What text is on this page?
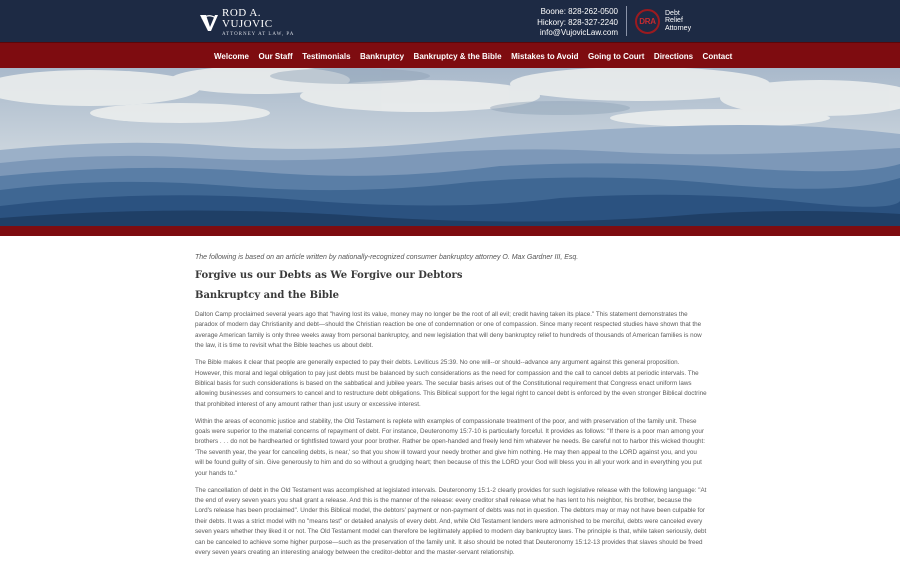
ROD A.
VUJOVIC
ATTORNEY AT LAW, PA
Boone: 828-262-0500
Hickory: 828-327-2240
info@VujovicLaw.com
DRA
Debt
Relief
Attorney
Welcome Our Staff Testimonials Bankruptcy Bankruptcy & the Bible Mistakes to Avoid Going to Court Directions Contact
The following is based on an article written by nationally-recognized consumer bankruptcy attorney O. Max Gardner III, Esq.
Forgive us our Debts as We Forgive our Debtors
Bankruptcy and the Bible

Dalton Camp proclaimed several years ago that "having lost its value, money may no longer be the root of all evil; credit having taken its place." This statement demonstrates the paradox of modern day Christianity and debt—should the Christian reaction be one of condemnation or one of compassion. Since many recent respected studies have shown that the average American family is only three weeks away from personal bankruptcy, and new legislation that will deny bankruptcy relief to hundreds of thousands of American families is now the law, it is time to revisit what the Bible teaches us about debt.

The Bible makes it clear that people are generally expected to pay their debts. Leviticus 25:39. No one will--or should--advance any argument against this general proposition. However, this moral and legal obligation to pay just debts must be balanced by such considerations as the need for compassion and the call to cancel debts at periodic intervals. The Biblical basis for such considerations is based on the sabbatical and jubilee years. The secular basis arises out of the Constitutional requirement that Congress enact uniform laws allowing businesses and consumers to cancel and to restructure debt obligations. This Biblical support for the legal right to cancel debt is enforced by the even stronger Biblical doctrine that prohibited interest of any amount rather than just usury or excessive interest.

Within the areas of economic justice and stability, the Old Testament is replete with examples of compassionate treatment of the poor, and with preservation of the family unit. These goals were superior to the material concerns of repayment of debt. For instance, Deuteronomy 15:7-10 is particularly forceful. It provides as follows: "If there is a poor man among your brothers . . . do not be hardhearted or tightfisted toward your poor brother. Rather be open-handed and freely lend him whatever he needs. Be careful not to harbor this wicked thought: 'The seventh year, the year for canceling debts, is near,' so that you show ill toward your needy brother and give him nothing. He may then appeal to the LORD against you, and you will be found guilty of sin. Give generously to him and do so without a grudging heart; then because of this the LORD your God will bless you in all your work and in everything you put your hands to."

The cancellation of debt in the Old Testament was accomplished at legislated intervals. Deuteronomy 15:1-2 clearly provides for such legislative release with the following language: "At the end of every seven years you shall grant a release. And this is the manner of the release: every creditor shall release what he has lent to his neighbor, his brother, because the Lord's release has been proclaimed". Under this Biblical model, the debtors' payment or non-payment of debts was not in question. The debtors may or may not have been culpable for their debts. It was a strict model with no "means test" or detailed analysis of every debt. And, while Old Testament lenders were admonished to be merciful, debts were canceled every seven years whether they liked it or not. The Old Testament model can therefore be legitimately applied to modern day bankruptcy laws. The principle is that, while taken seriously, debt can be canceled to achieve some higher purpose—such as the preservation of the family unit. It also should be noted that Deuteronomy 15:12-13 provides that slaves should be freed every seven years creating an interesting analogy between the creditor-debtor and the master-servant relationship.
